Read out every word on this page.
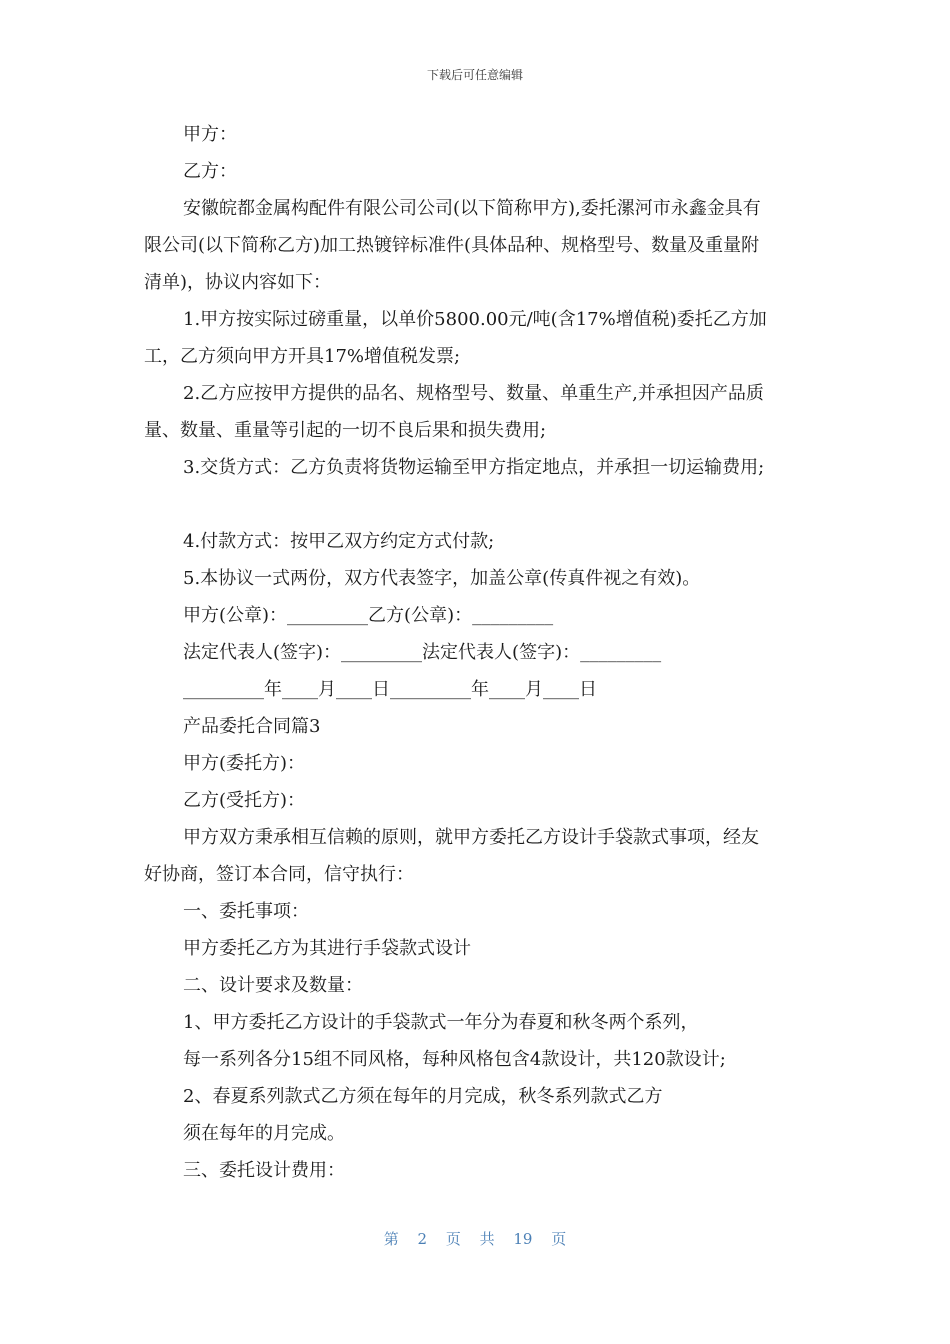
下载后可任意编辑
甲方：
乙方：
安徽皖都金属构配件有限公司公司(以下简称甲方),委托漯河市永鑫金具有
限公司(以下简称乙方)加工热镀锌标准件(具体品种、规格型号、数量及重量附
清单)，协议内容如下：
1.甲方按实际过磅重量，以单价5800.00元/吨(含17%增值税)委托乙方加
工，乙方须向甲方开具17%增值税发票;
2.乙方应按甲方提供的品名、规格型号、数量、单重生产,并承担因产品质
量、数量、重量等引起的一切不良后果和损失费用;
3.交货方式：乙方负责将货物运输至甲方指定地点，并承担一切运输费用;
4.付款方式：按甲乙双方约定方式付款;
5.本协议一式两份，双方代表签字，加盖公章(传真件视之有效)。
甲方(公章)：_________乙方(公章)：_________
法定代表人(签字)：_________法定代表人(签字)：_________
_________年____月____日_________年____月____日
产品委托合同篇3
甲方(委托方)：
乙方(受托方)：
甲方双方秉承相互信赖的原则，就甲方委托乙方设计手袋款式事项，经友
好协商，签订本合同，信守执行：
一、委托事项：
甲方委托乙方为其进行手袋款式设计
二、设计要求及数量：
1、甲方委托乙方设计的手袋款式一年分为春夏和秋冬两个系列，
每一系列各分15组不同风格，每种风格包含4款设计，共120款设计;
2、春夏系列款式乙方须在每年的月完成，秋冬系列款式乙方
须在每年的月完成。
三、委托设计费用：
第 2 页 共 19 页
